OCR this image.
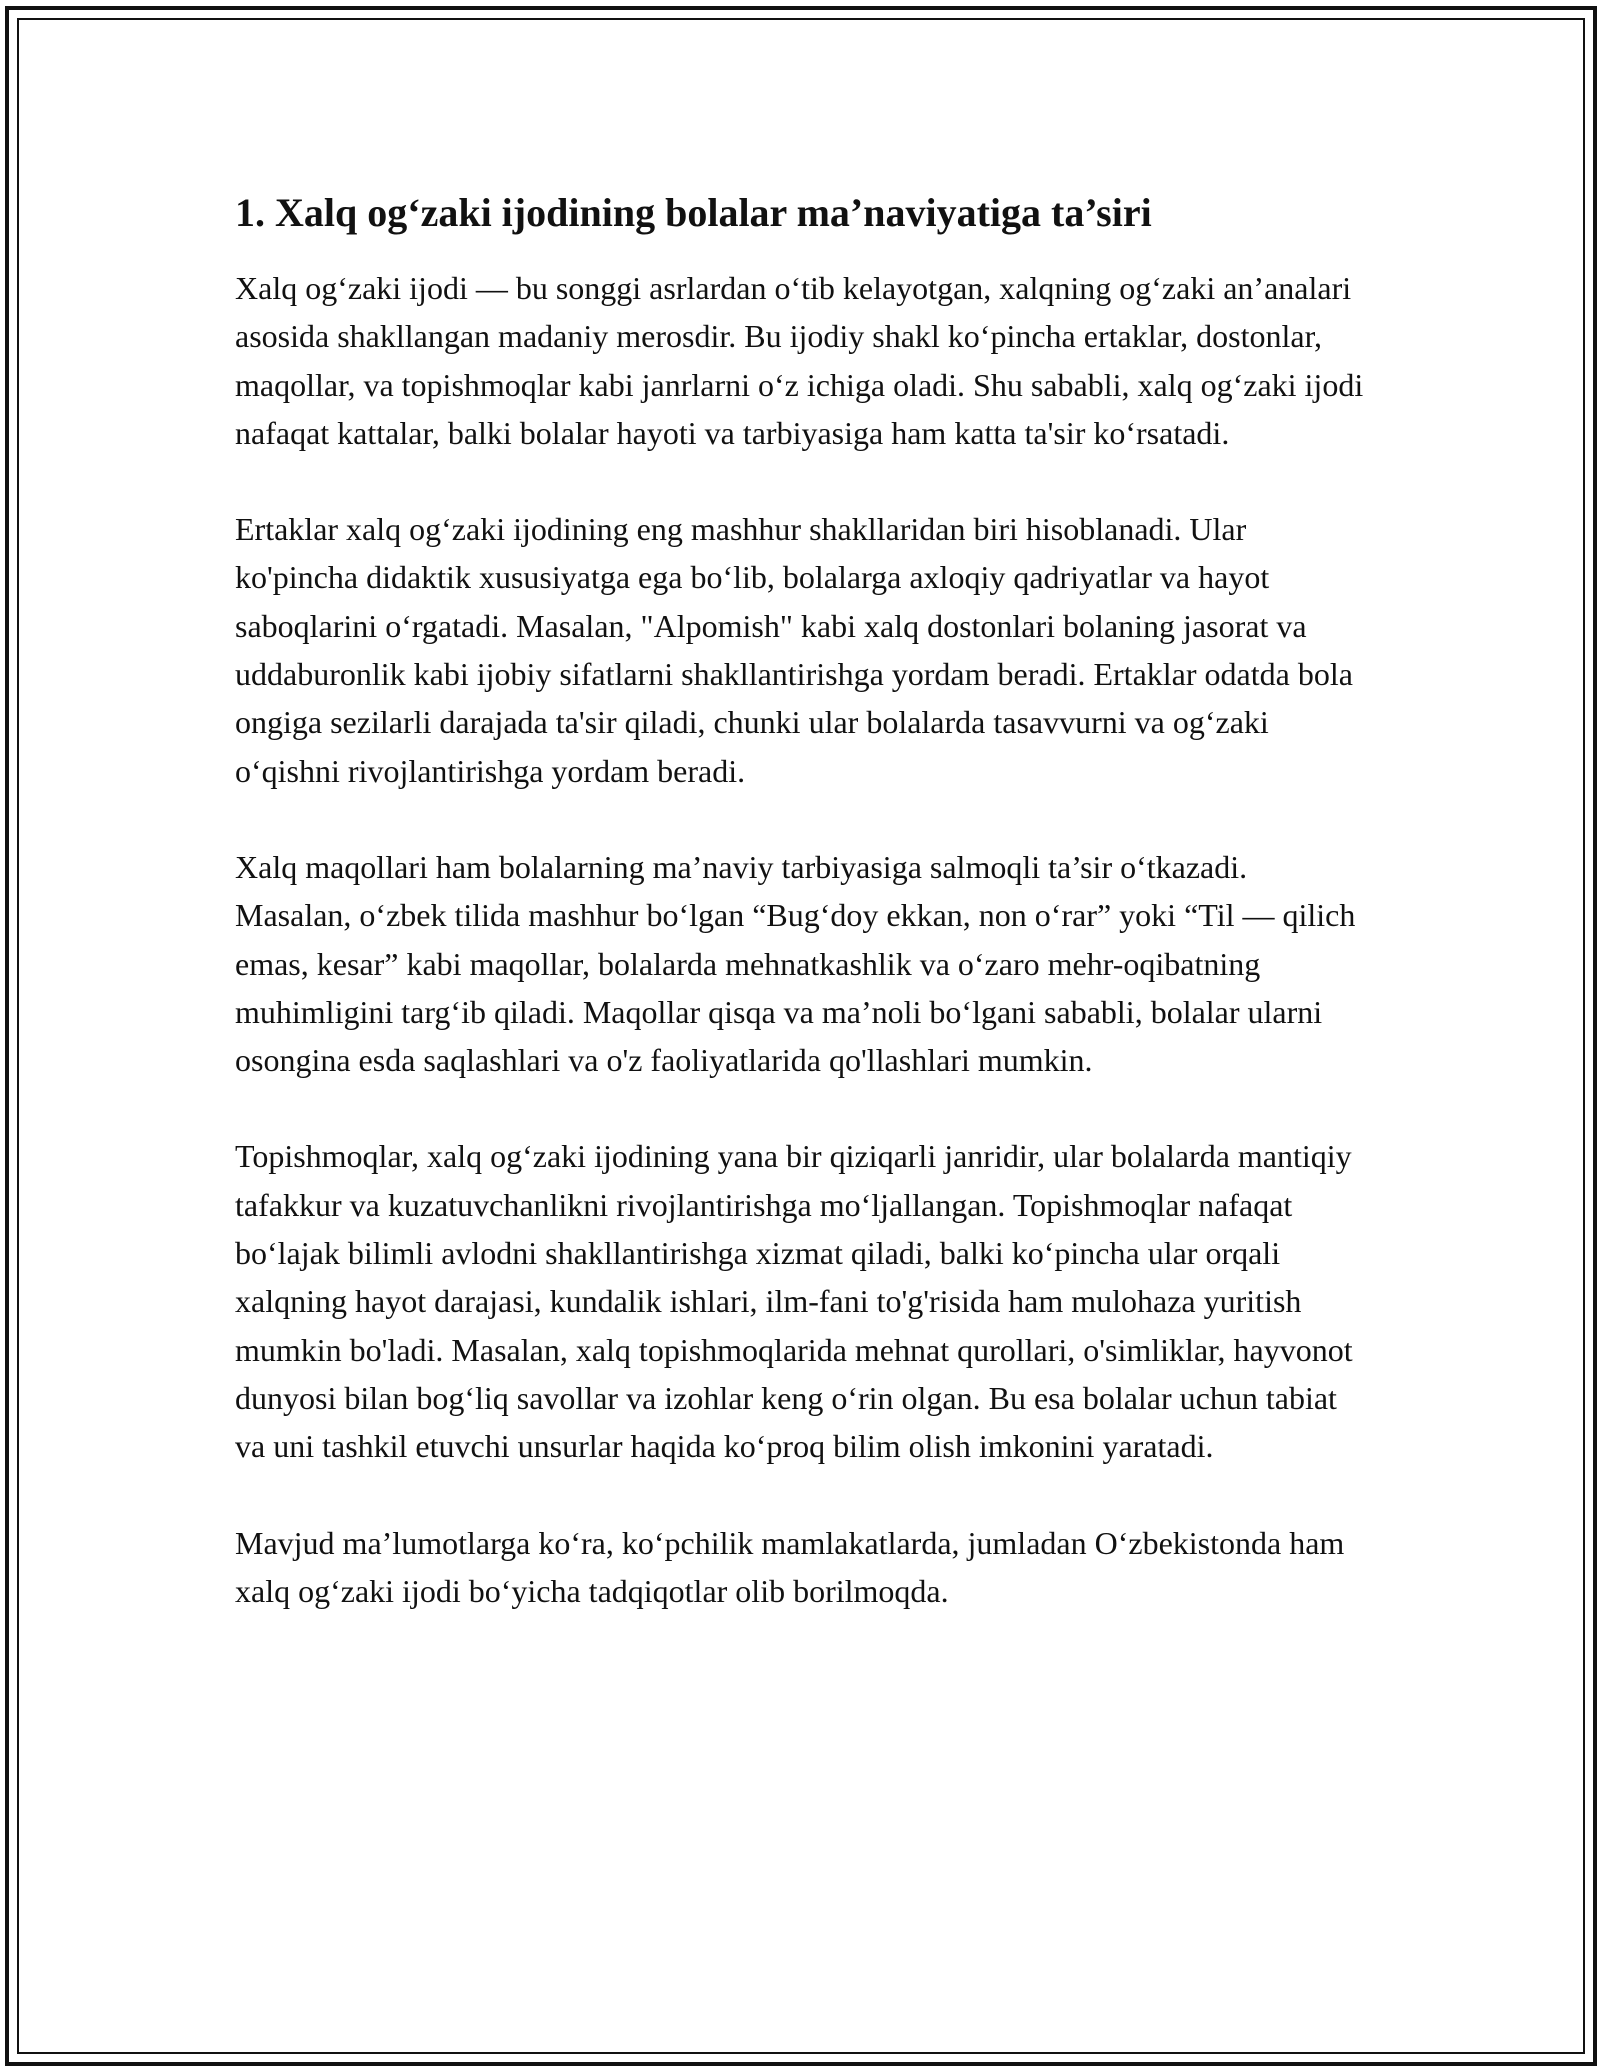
1. Xalq og‘zaki ijodining bolalar ma’naviyatiga ta’siri

Xalq og‘zaki ijodi — bu songgi asrlardan o‘tib kelayotgan, xalqning og‘zaki an’analari asosida shakllangan madaniy merosdir. Bu ijodiy shakl ko‘pincha ertaklar, dostonlar, maqollar, va topishmoqlar kabi janrlarni o‘z ichiga oladi. Shu sababli, xalq og‘zaki ijodi nafaqat kattalar, balki bolalar hayoti va tarbiyasiga ham katta ta'sir ko‘rsatadi.

Ertaklar xalq og‘zaki ijodining eng mashhur shakllaridan biri hisoblanadi. Ular ko'pincha didaktik xususiyatga ega bo‘lib, bolalarga axloqiy qadriyatlar va hayot saboqlarini o‘rgatadi. Masalan, "Alpomish" kabi xalq dostonlari bolaning jasorat va uddaburonlik kabi ijobiy sifatlarni shakllantirishga yordam beradi. Ertaklar odatda bola ongiga sezilarli darajada ta'sir qiladi, chunki ular bolalarda tasavvurni va og‘zaki o‘qishni rivojlantirishga yordam beradi.

Xalq maqollari ham bolalarning ma’naviy tarbiyasiga salmoqli ta’sir o‘tkazadi. Masalan, o‘zbek tilida mashhur bo‘lgan “Bug‘doy ekkan, non o‘rar” yoki “Til — qilich emas, kesar” kabi maqollar, bolalarda mehnatkashlik va o‘zaro mehr-oqibatning muhimligini targ‘ib qiladi. Maqollar qisqa va ma’noli bo‘lgani sababli, bolalar ularni osongina esda saqlashlari va o'z faoliyatlarida qo'llashlari mumkin.

Topishmoqlar, xalq og‘zaki ijodining yana bir qiziqarli janridir, ular bolalarda mantiqiy tafakkur va kuzatuvchanlikni rivojlantirishga mo‘ljallangan. Topishmoqlar nafaqat bo‘lajak bilimli avlodni shakllantirishga xizmat qiladi, balki ko‘pincha ular orqali xalqning hayot darajasi, kundalik ishlari, ilm-fani to'g'risida ham mulohaza yuritish mumkin bo'ladi. Masalan, xalq topishmoqlarida mehnat qurollari, o'simliklar, hayvonot dunyosi bilan bog‘liq savollar va izohlar keng o‘rin olgan. Bu esa bolalar uchun tabiat va uni tashkil etuvchi unsurlar haqida ko‘proq bilim olish imkonini yaratadi.

Mavjud ma’lumotlarga ko‘ra, ko‘pchilik mamlakatlarda, jumladan O‘zbekistonda ham xalq og‘zaki ijodi bo‘yicha tadqiqotlar olib borilmoqda.
